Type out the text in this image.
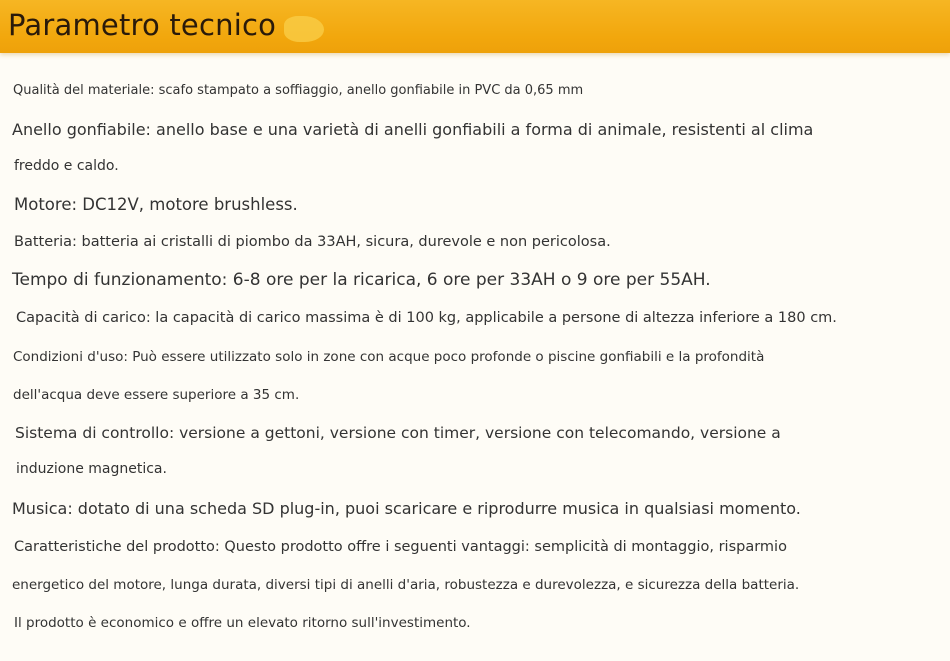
Parametro tecnico
Qualità del materiale: scafo stampato a soffiaggio, anello gonfiabile in PVC da 0,65 mm
Anello gonfiabile: anello base e una varietà di anelli gonfiabili a forma di animale, resistenti al clima
freddo e caldo.
Motore: DC12V, motore brushless.
Batteria: batteria ai cristalli di piombo da 33AH, sicura, durevole e non pericolosa.
Tempo di funzionamento: 6-8 ore per la ricarica, 6 ore per 33AH o 9 ore per 55AH.
Capacità di carico: la capacità di carico massima è di 100 kg, applicabile a persone di altezza inferiore a 180 cm.
Condizioni d'uso: Può essere utilizzato solo in zone con acque poco profonde o piscine gonfiabili e la profondità
dell'acqua deve essere superiore a 35 cm.
Sistema di controllo: versione a gettoni, versione con timer, versione con telecomando, versione a
induzione magnetica.
Musica: dotato di una scheda SD plug-in, puoi scaricare e riprodurre musica in qualsiasi momento.
Caratteristiche del prodotto: Questo prodotto offre i seguenti vantaggi: semplicità di montaggio, risparmio
energetico del motore, lunga durata, diversi tipi di anelli d'aria, robustezza e durevolezza, e sicurezza della batteria.
Il prodotto è economico e offre un elevato ritorno sull'investimento.
